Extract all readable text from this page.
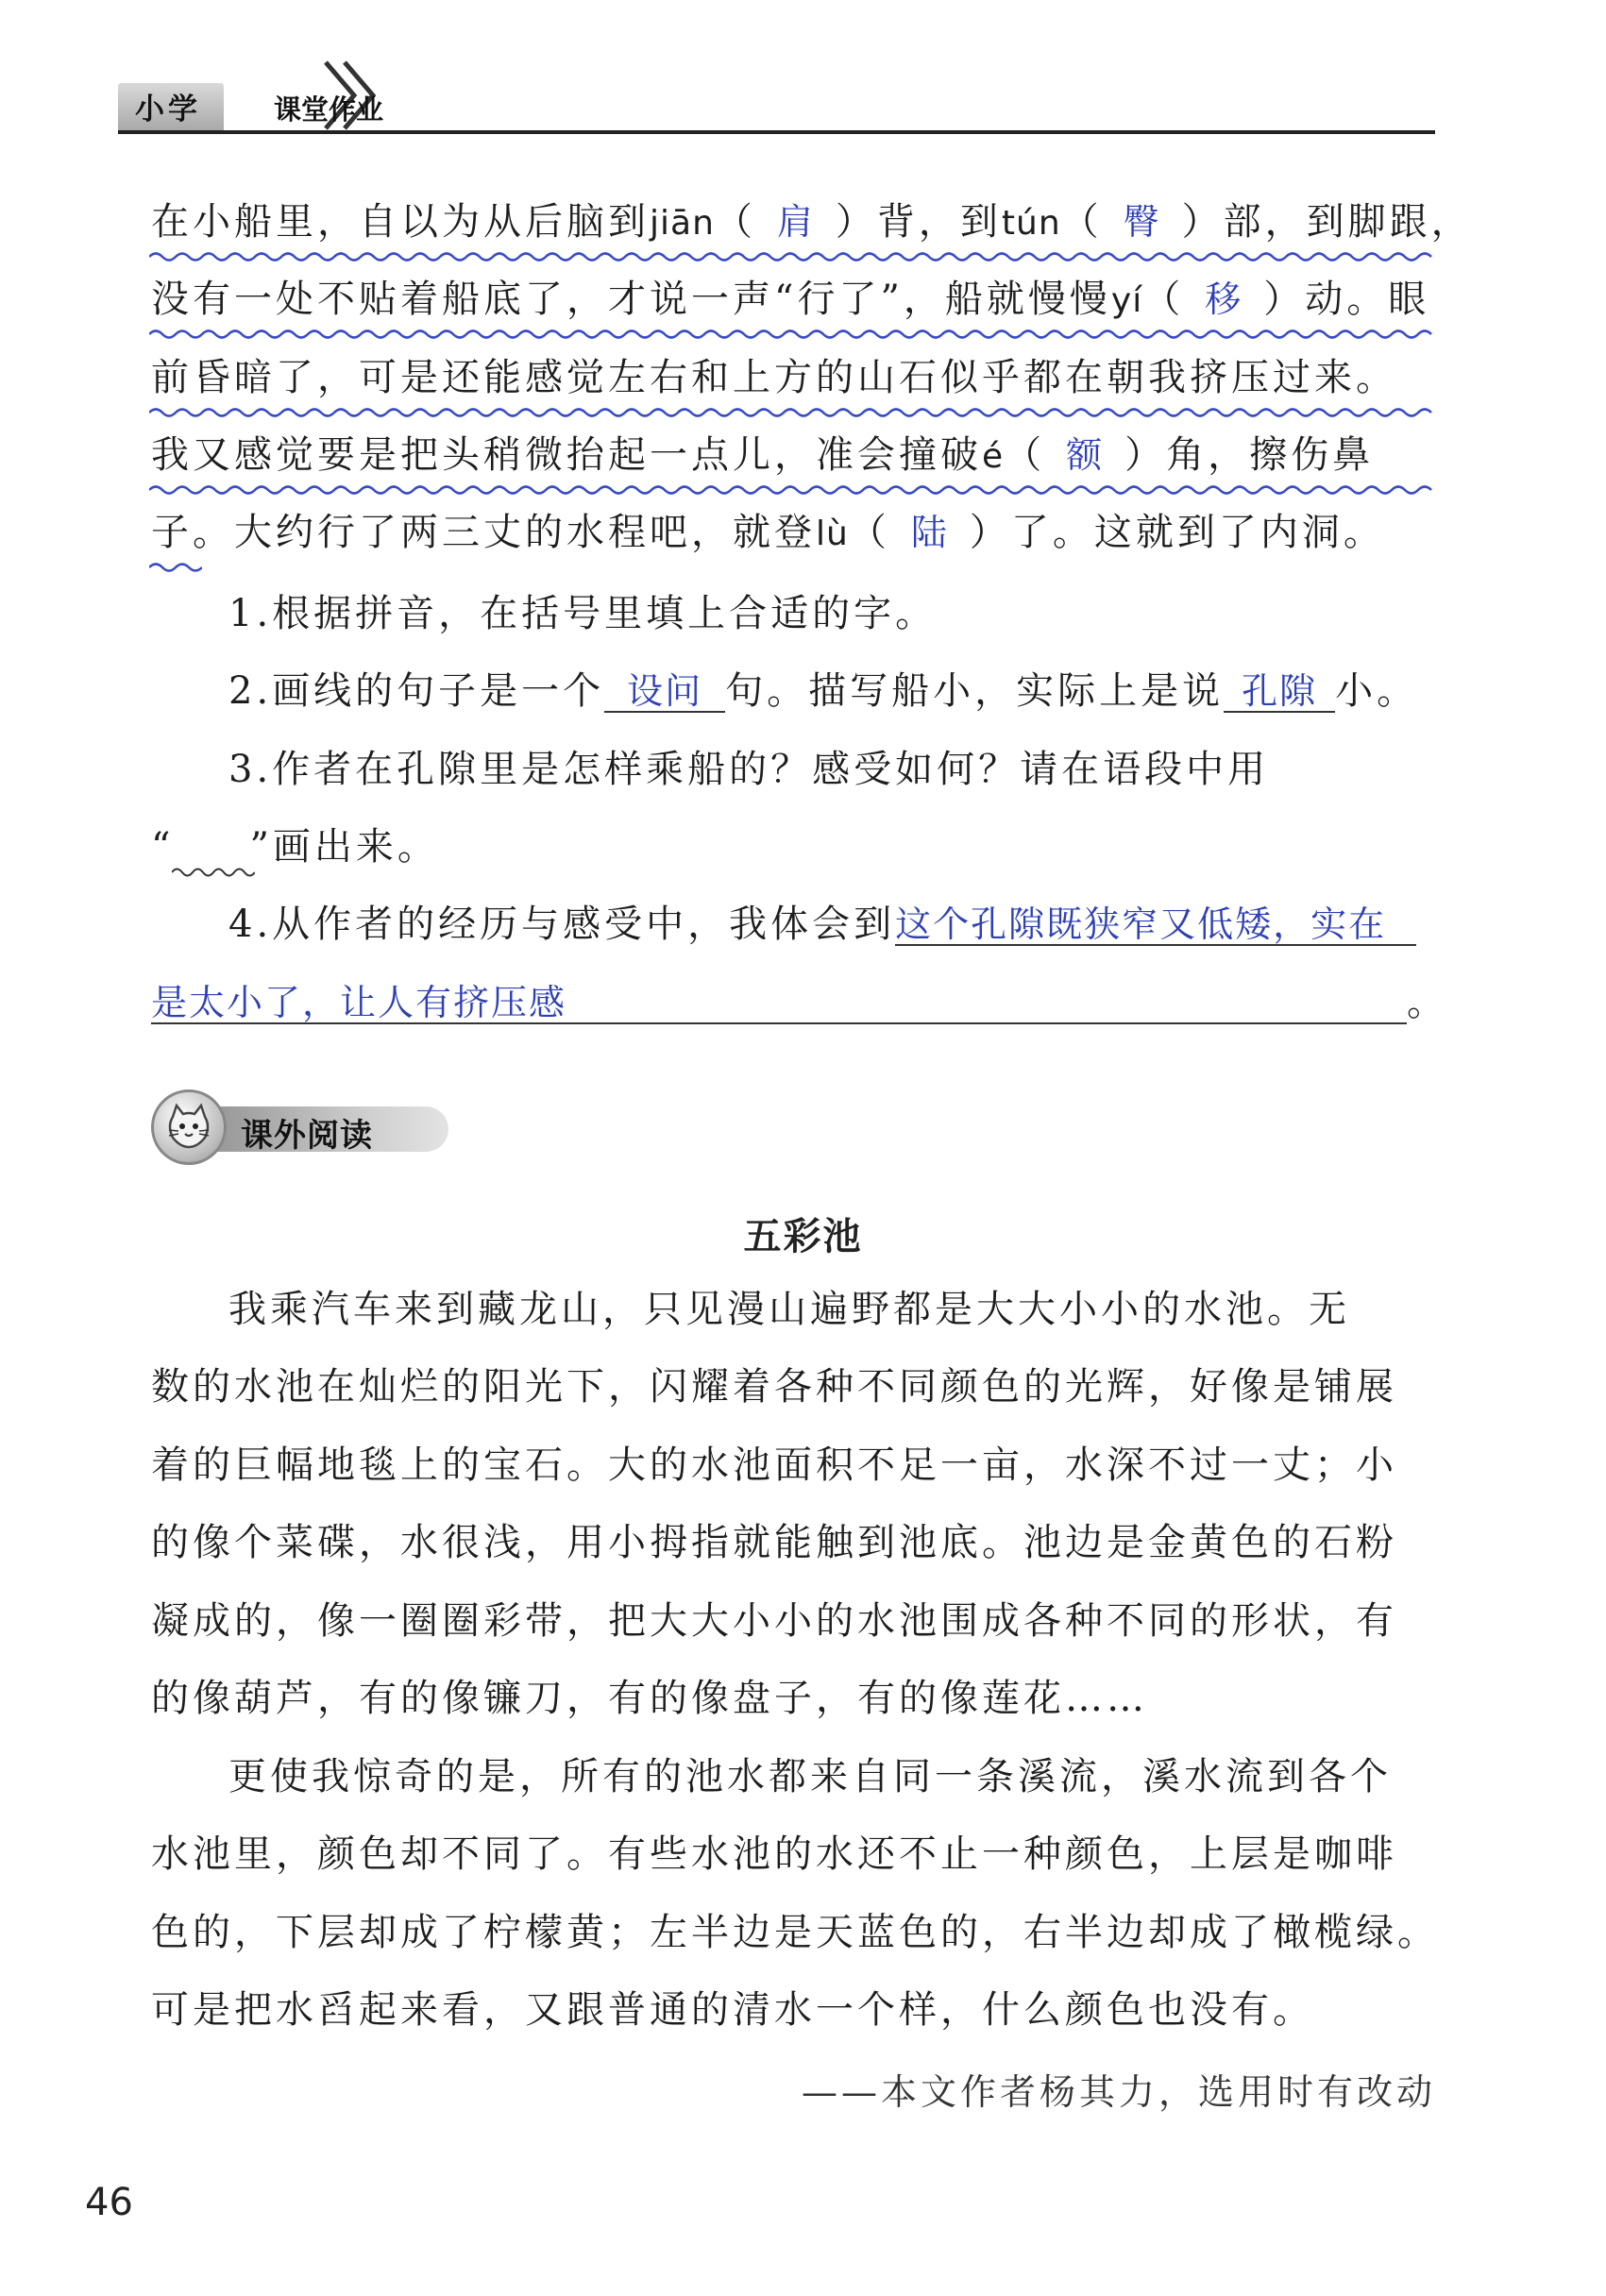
小学	课堂作业
在小船里，自以为从后脑到jiān（ 肩 ）背，到tún（ 臀 ）部，到脚跟，
没有一处不贴着船底了，才说一声“行了”，船就慢慢yí（ 移 ）动。眼
前昏暗了，可是还能感觉左右和上方的山石似乎都在朝我挤压过来。
我又感觉要是把头稍微抬起一点儿，准会撞破é（ 额 ）角，擦伤鼻
子。大约行了两三丈的水程吧，就登lù（ 陆 ）了。这就到了内洞。
1.根据拼音，在括号里填上合适的字。
2.画线的句子是一个 设问 句。描写船小，实际上是说 孔隙 小。
3.作者在孔隙里是怎样乘船的？感受如何？请在语段中用
“ ”画出来。
4.从作者的经历与感受中，我体会到这个孔隙既狭窄又低矮，实在
是太小了，让人有挤压感	。
课外阅读
五彩池
我乘汽车来到藏龙山，只见漫山遍野都是大大小小的水池。无
数的水池在灿烂的阳光下，闪耀着各种不同颜色的光辉，好像是铺展
着的巨幅地毯上的宝石。大的水池面积不足一亩，水深不过一丈；小
的像个菜碟，水很浅，用小拇指就能触到池底。池边是金黄色的石粉
凝成的，像一圈圈彩带，把大大小小的水池围成各种不同的形状，有
的像葫芦，有的像镰刀，有的像盘子，有的像莲花……
更使我惊奇的是，所有的池水都来自同一条溪流，溪水流到各个
水池里，颜色却不同了。有些水池的水还不止一种颜色，上层是咖啡
色的，下层却成了柠檬黄；左半边是天蓝色的，右半边却成了橄榄绿。
可是把水舀起来看，又跟普通的清水一个样，什么颜色也没有。
——本文作者杨其力，选用时有改动
46
